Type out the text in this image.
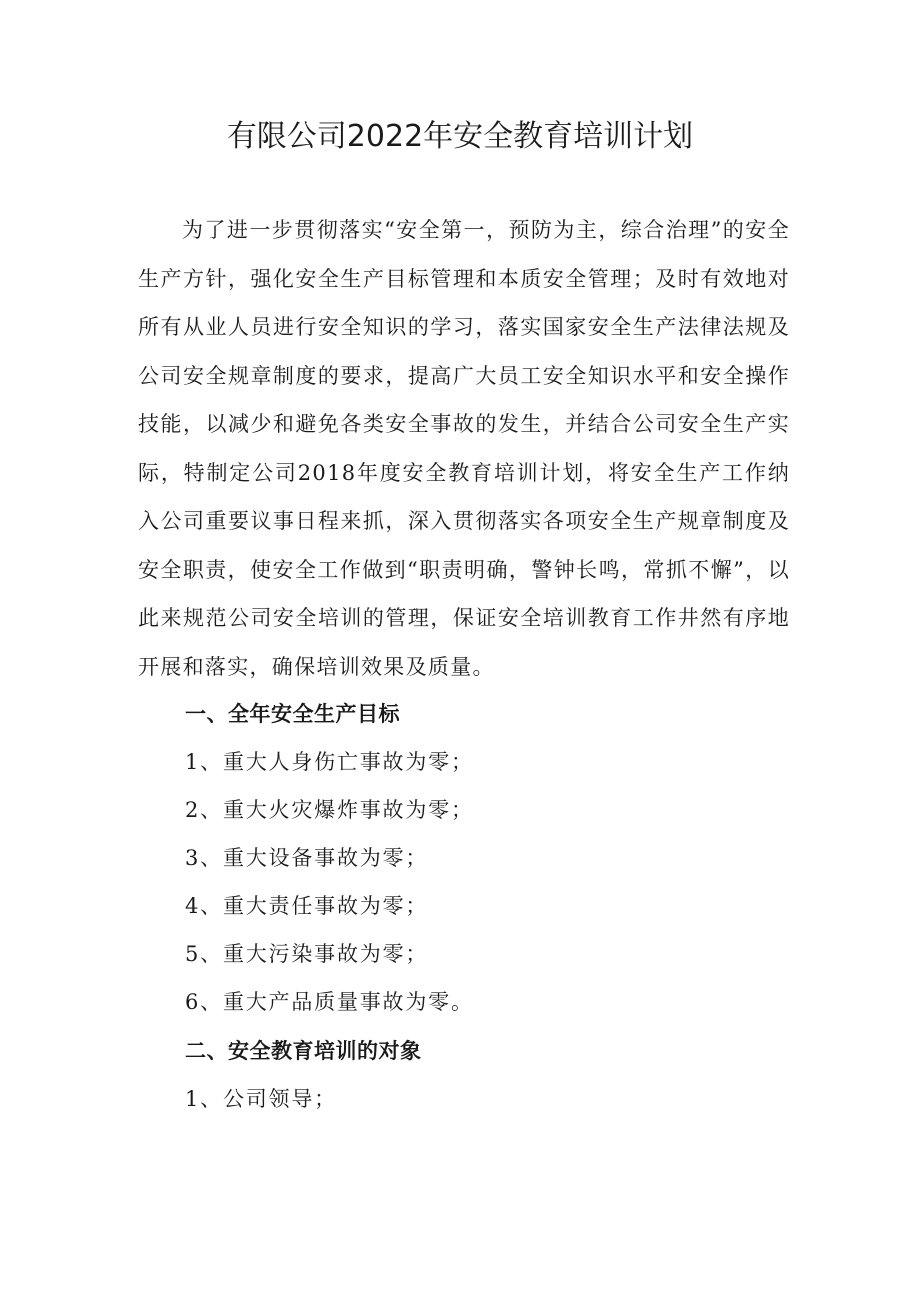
有限公司2022年安全教育培训计划

为了进一步贯彻落实“安全第一，预防为主，综合治理”的安全生产方针，强化安全生产目标管理和本质安全管理；及时有效地对所有从业人员进行安全知识的学习，落实国家安全生产法律法规及公司安全规章制度的要求，提高广大员工安全知识水平和安全操作技能，以减少和避免各类安全事故的发生，并结合公司安全生产实际，特制定公司2018年度安全教育培训计划，将安全生产工作纳入公司重要议事日程来抓，深入贯彻落实各项安全生产规章制度及安全职责，使安全工作做到“职责明确，警钟长鸣，常抓不懈”，以此来规范公司安全培训的管理，保证安全培训教育工作井然有序地开展和落实，确保培训效果及质量。

一、全年安全生产目标

1、重大人身伤亡事故为零；

2、重大火灾爆炸事故为零；

3、重大设备事故为零；

4、重大责任事故为零；

5、重大污染事故为零；

6、重大产品质量事故为零。

二、安全教育培训的对象

1、公司领导；
